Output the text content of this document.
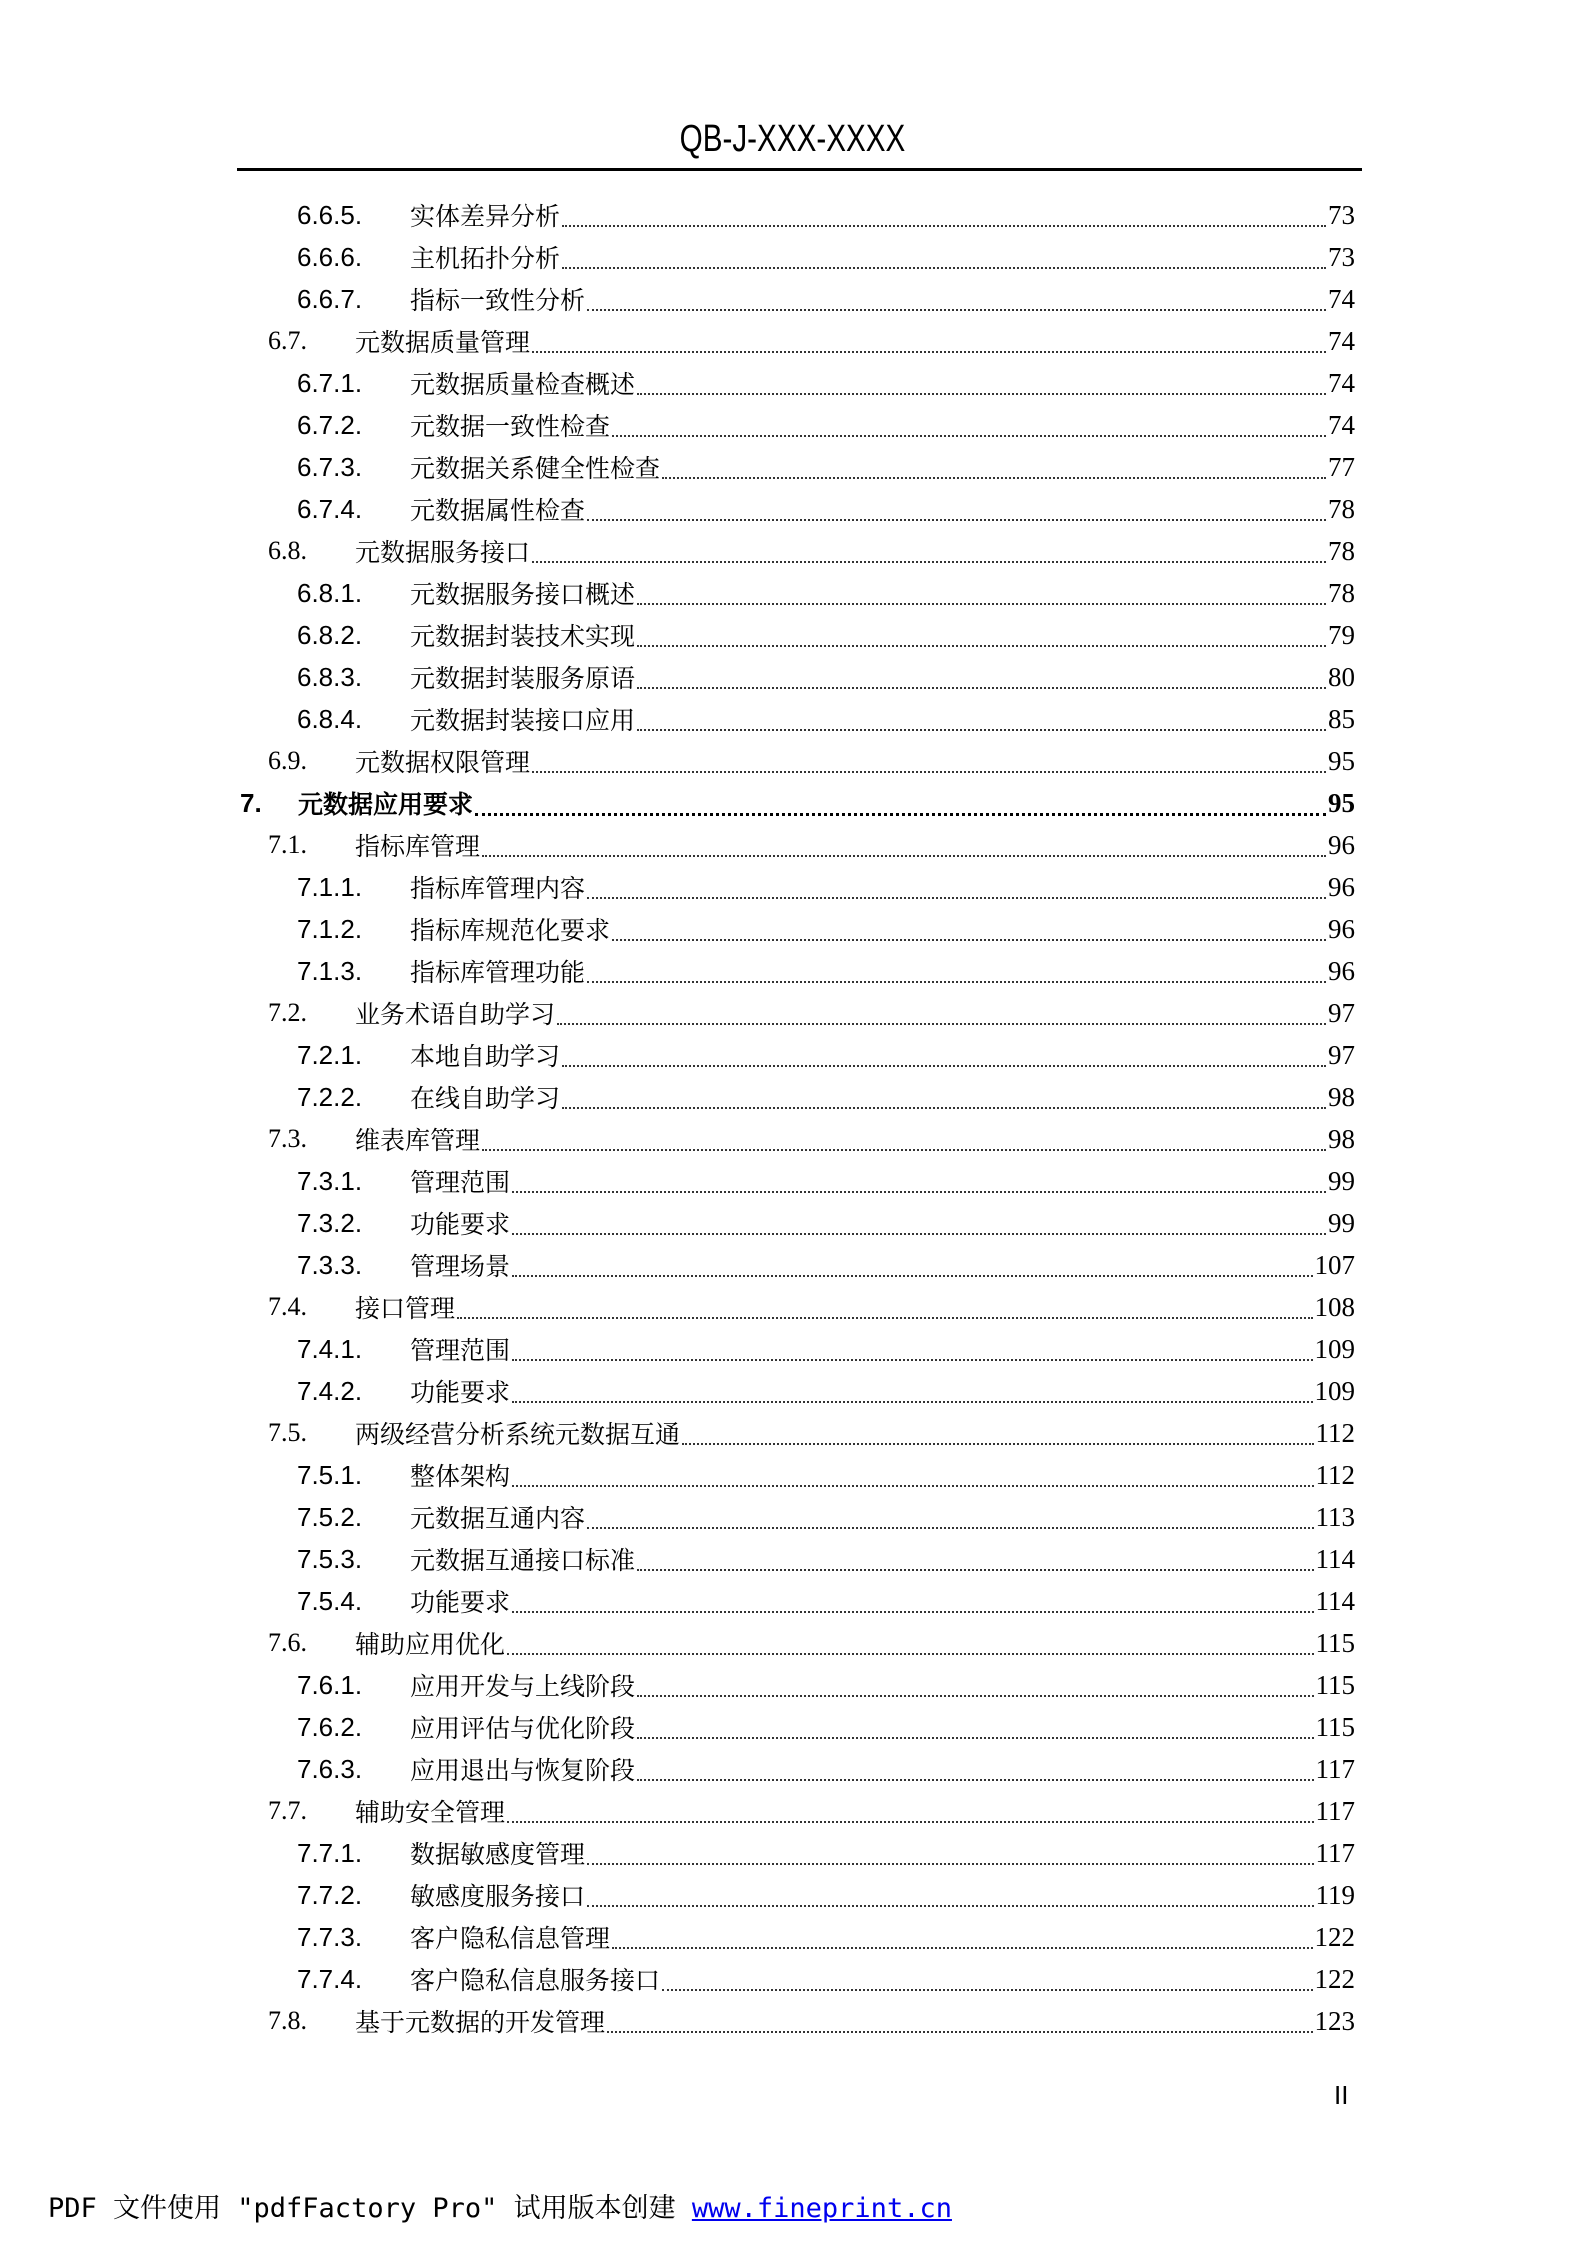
QB-J-XXX-XXXX
6.6.5.	实体差异分析	73
6.6.6.	主机拓扑分析	73
6.6.7.	指标一致性分析	74
6.7.	元数据质量管理	74
6.7.1.	元数据质量检查概述	74
6.7.2.	元数据一致性检查	74
6.7.3.	元数据关系健全性检查	77
6.7.4.	元数据属性检查	78
6.8.	元数据服务接口	78
6.8.1.	元数据服务接口概述	78
6.8.2.	元数据封装技术实现	79
6.8.3.	元数据封装服务原语	80
6.8.4.	元数据封装接口应用	85
6.9.	元数据权限管理	95
7.	元数据应用要求	95
7.1.	指标库管理	96
7.1.1.	指标库管理内容	96
7.1.2.	指标库规范化要求	96
7.1.3.	指标库管理功能	96
7.2.	业务术语自助学习	97
7.2.1.	本地自助学习	97
7.2.2.	在线自助学习	98
7.3.	维表库管理	98
7.3.1.	管理范围	99
7.3.2.	功能要求	99
7.3.3.	管理场景	107
7.4.	接口管理	108
7.4.1.	管理范围	109
7.4.2.	功能要求	109
7.5.	两级经营分析系统元数据互通	112
7.5.1.	整体架构	112
7.5.2.	元数据互通内容	113
7.5.3.	元数据互通接口标准	114
7.5.4.	功能要求	114
7.6.	辅助应用优化	115
7.6.1.	应用开发与上线阶段	115
7.6.2.	应用评估与优化阶段	115
7.6.3.	应用退出与恢复阶段	117
7.7.	辅助安全管理	117
7.7.1.	数据敏感度管理	117
7.7.2.	敏感度服务接口	119
7.7.3.	客户隐私信息管理	122
7.7.4.	客户隐私信息服务接口	122
7.8.	基于元数据的开发管理	123
II
PDF 文件使用 "pdfFactory Pro" 试用版本创建 www.fineprint.cn
